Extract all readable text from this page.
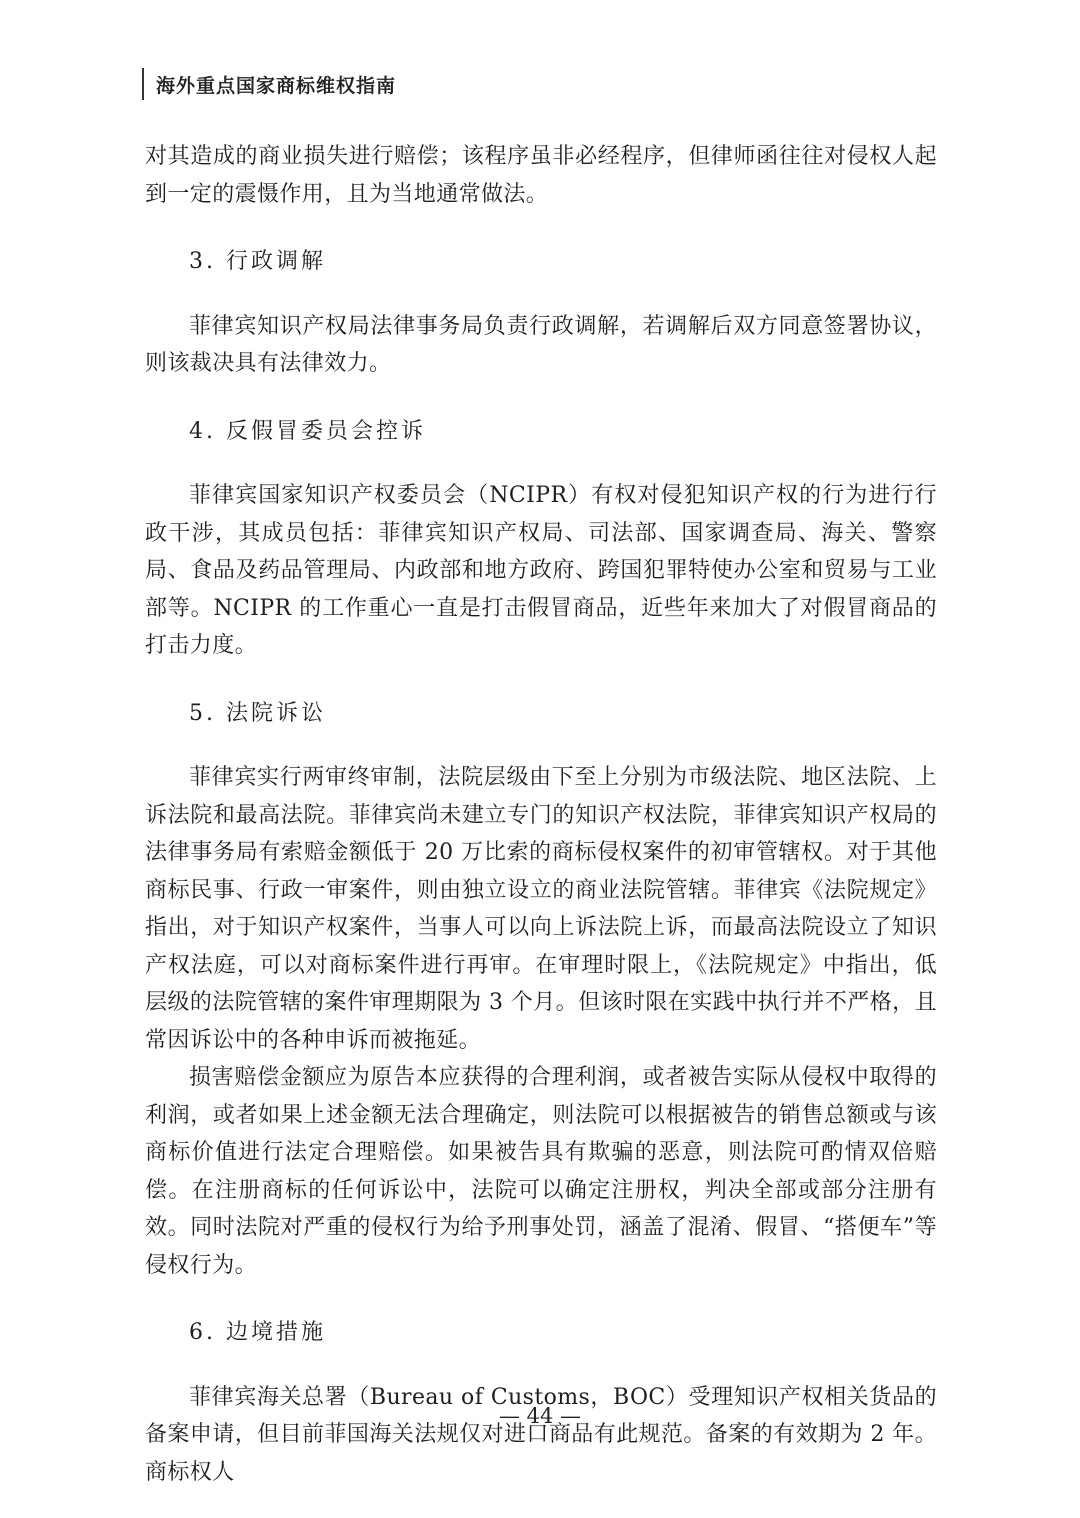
海外重点国家商标维权指南

对其造成的商业损失进行赔偿；该程序虽非必经程序，但律师函往往对侵权人起到一定的震慑作用，且为当地通常做法。

3. 行政调解

菲律宾知识产权局法律事务局负责行政调解，若调解后双方同意签署协议，则该裁决具有法律效力。

4. 反假冒委员会控诉

菲律宾国家知识产权委员会（NCIPR）有权对侵犯知识产权的行为进行行政干涉，其成员包括：菲律宾知识产权局、司法部、国家调查局、海关、警察局、食品及药品管理局、内政部和地方政府、跨国犯罪特使办公室和贸易与工业部等。NCIPR 的工作重心一直是打击假冒商品，近些年来加大了对假冒商品的打击力度。

5. 法院诉讼

菲律宾实行两审终审制，法院层级由下至上分别为市级法院、地区法院、上诉法院和最高法院。菲律宾尚未建立专门的知识产权法院，菲律宾知识产权局的法律事务局有索赔金额低于 20 万比索的商标侵权案件的初审管辖权。对于其他商标民事、行政一审案件，则由独立设立的商业法院管辖。菲律宾《法院规定》指出，对于知识产权案件，当事人可以向上诉法院上诉，而最高法院设立了知识产权法庭，可以对商标案件进行再审。在审理时限上，《法院规定》中指出，低层级的法院管辖的案件审理期限为 3 个月。但该时限在实践中执行并不严格，且常因诉讼中的各种申诉而被拖延。

损害赔偿金额应为原告本应获得的合理利润，或者被告实际从侵权中取得的利润，或者如果上述金额无法合理确定，则法院可以根据被告的销售总额或与该商标价值进行法定合理赔偿。如果被告具有欺骗的恶意，则法院可酌情双倍赔偿。在注册商标的任何诉讼中，法院可以确定注册权，判决全部或部分注册有效。同时法院对严重的侵权行为给予刑事处罚，涵盖了混淆、假冒、“搭便车”等侵权行为。

6. 边境措施

菲律宾海关总署（Bureau of Customs，BOC）受理知识产权相关货品的备案申请，但目前菲国海关法规仅对进口商品有此规范。备案的有效期为 2 年。商标权人

— 44 —
